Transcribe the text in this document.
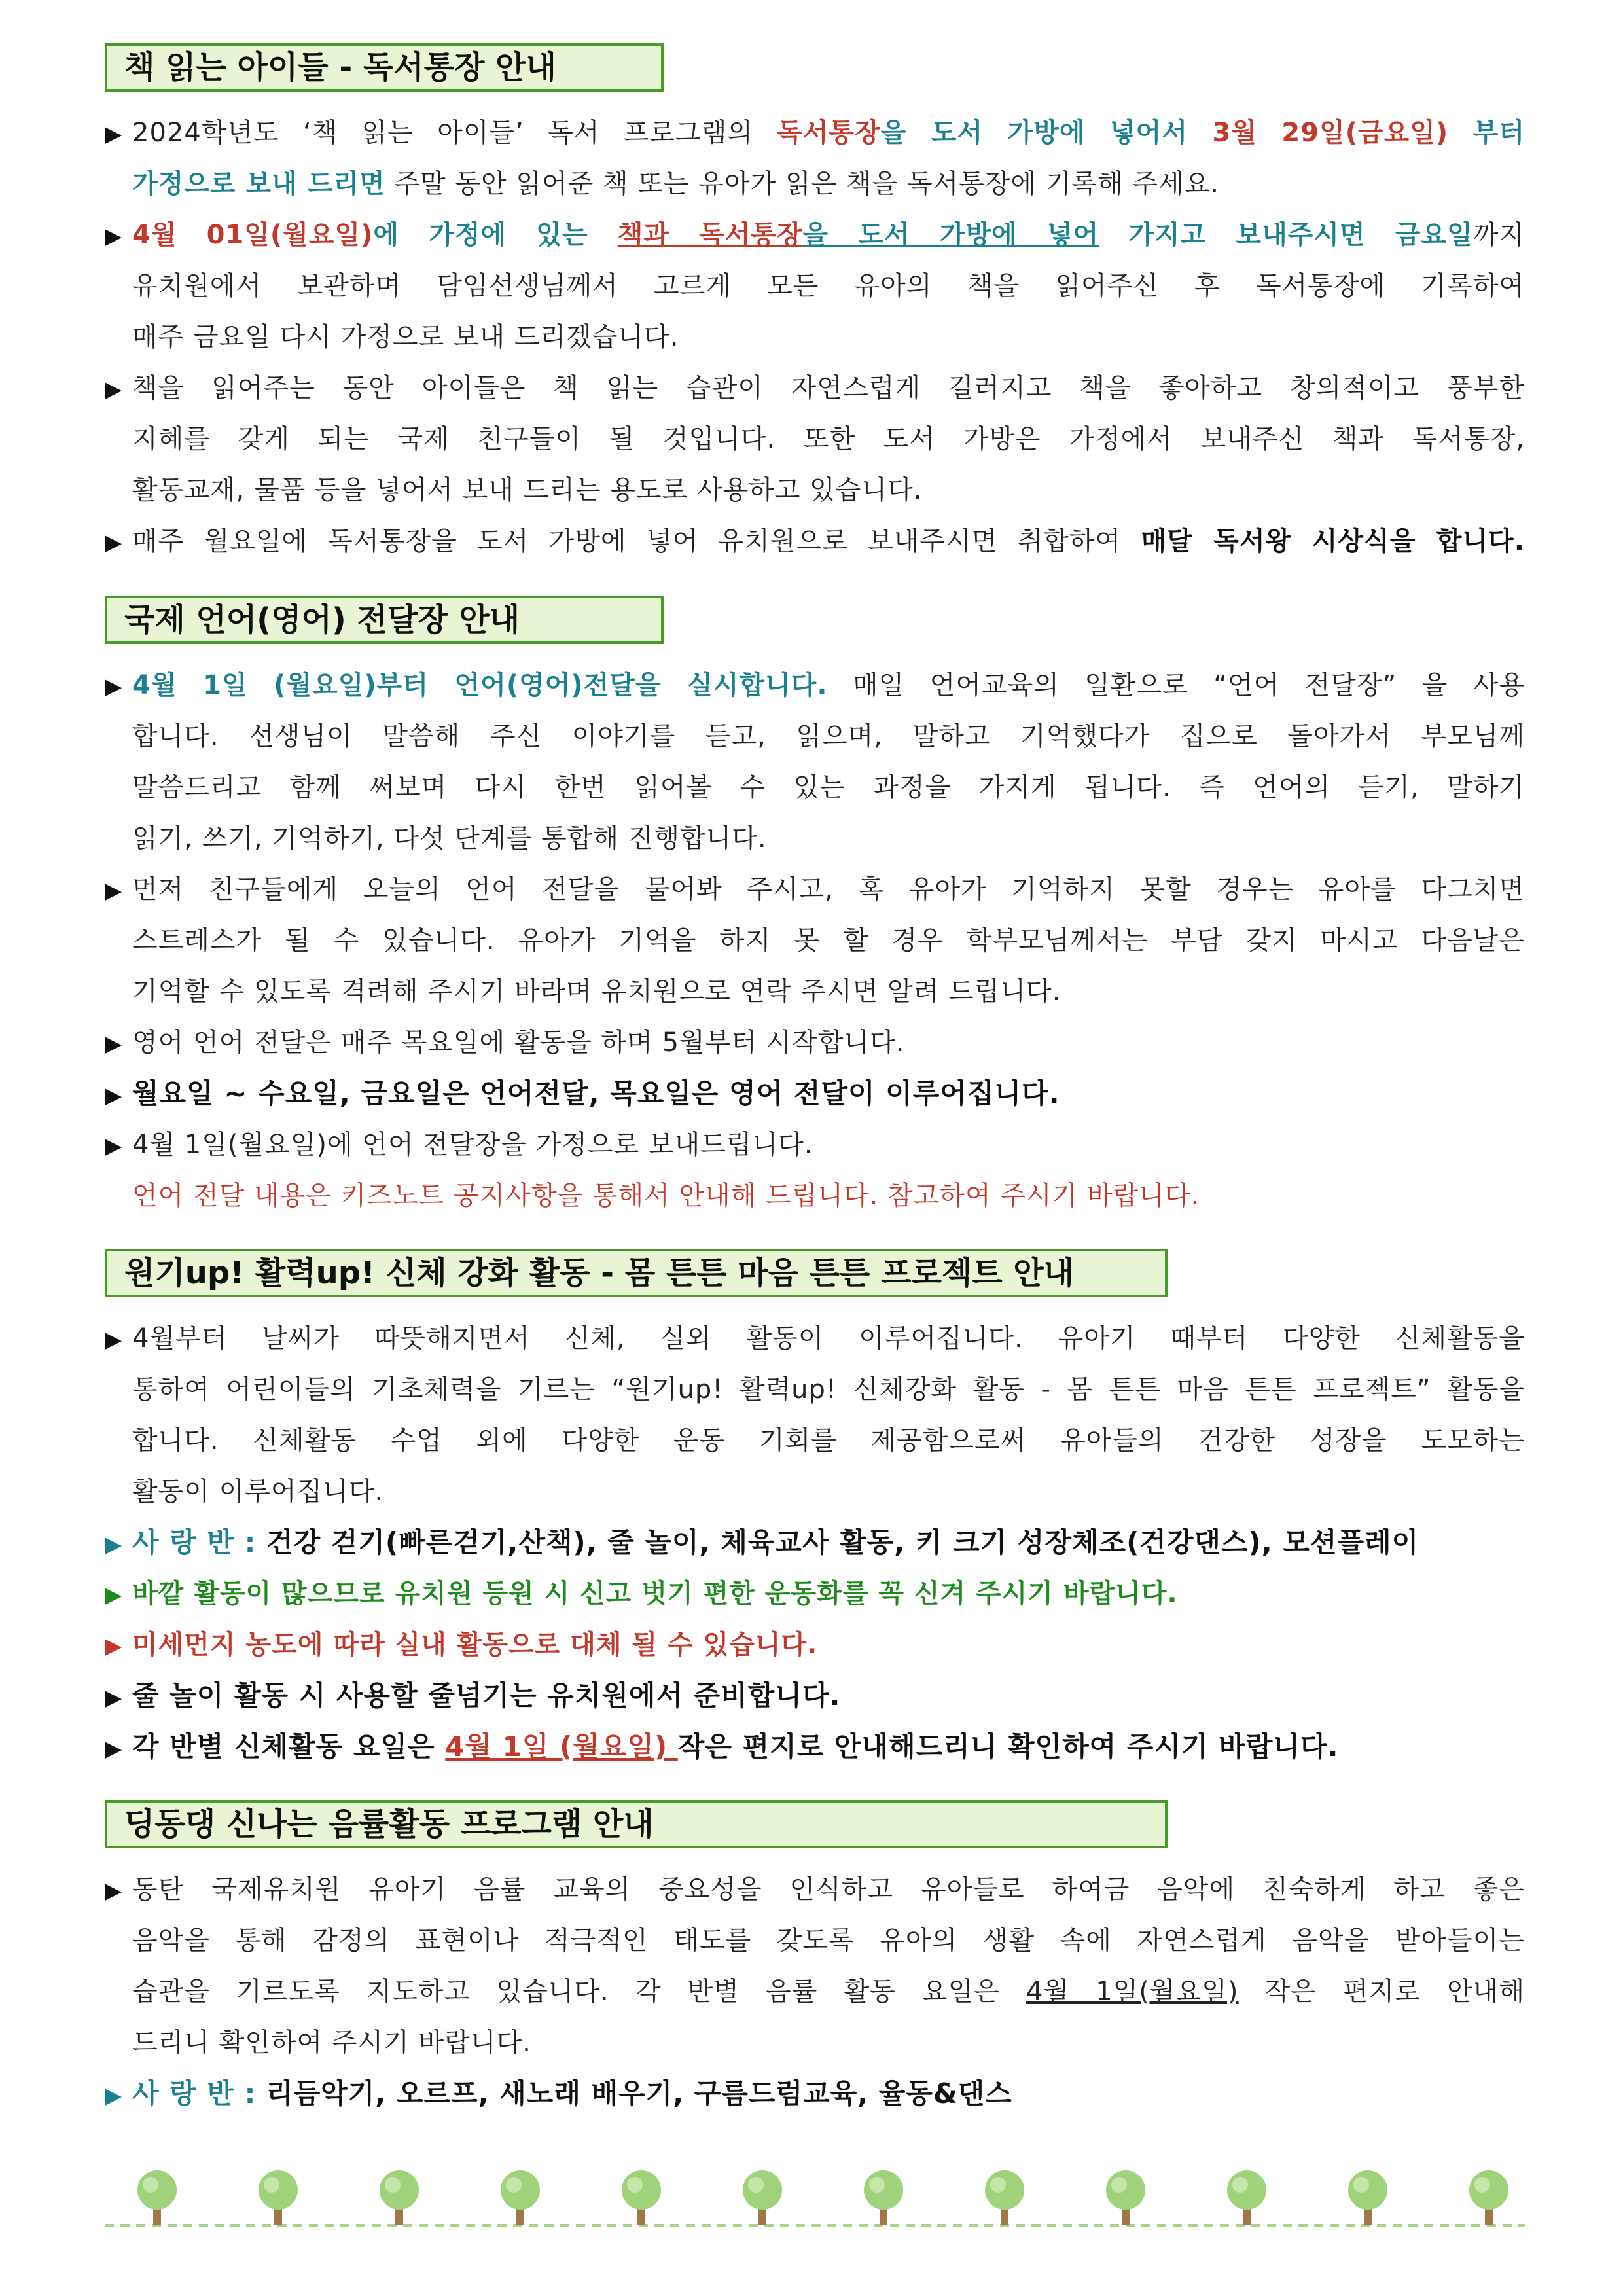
책 읽는 아이들 - 독서통장 안내
▶ 2024학년도 ‘책 읽는 아이들’ 독서 프로그램의 독서통장을 도서 가방에 넣어서 3월 29일(금요일) 부터
가정으로 보내 드리면 주말 동안 읽어준 책 또는 유아가 읽은 책을 독서통장에 기록해 주세요.
▶ 4월 01일(월요일)에 가정에 있는 책과 독서통장을 도서 가방에 넣어 가지고 보내주시면 금요일까지
유치원에서 보관하며 담임선생님께서 고르게 모든 유아의 책을 읽어주신 후 독서통장에 기록하여
매주 금요일 다시 가정으로 보내 드리겠습니다.
▶ 책을 읽어주는 동안 아이들은 책 읽는 습관이 자연스럽게 길러지고 책을 좋아하고 창의적이고 풍부한
지혜를 갖게 되는 국제 친구들이 될 것입니다. 또한 도서 가방은 가정에서 보내주신 책과 독서통장,
활동교재, 물품 등을 넣어서 보내 드리는 용도로 사용하고 있습니다.
▶ 매주 월요일에 독서통장을 도서 가방에 넣어 유치원으로 보내주시면 취합하여 매달 독서왕 시상식을 합니다.
국제 언어(영어) 전달장 안내
▶ 4월 1일 (월요일)부터 언어(영어)전달을 실시합니다. 매일 언어교육의 일환으로 “언어 전달장” 을 사용
합니다. 선생님이 말씀해 주신 이야기를 듣고, 읽으며, 말하고 기억했다가 집으로 돌아가서 부모님께
말씀드리고 함께 써보며 다시 한번 읽어볼 수 있는 과정을 가지게 됩니다. 즉 언어의 듣기, 말하기
읽기, 쓰기, 기억하기, 다섯 단계를 통합해 진행합니다.
▶ 먼저 친구들에게 오늘의 언어 전달을 물어봐 주시고, 혹 유아가 기억하지 못할 경우는 유아를 다그치면
스트레스가 될 수 있습니다. 유아가 기억을 하지 못 할 경우 학부모님께서는 부담 갖지 마시고 다음날은
기억할 수 있도록 격려해 주시기 바라며 유치원으로 연락 주시면 알려 드립니다.
▶ 영어 언어 전달은 매주 목요일에 활동을 하며 5월부터 시작합니다.
▶ 월요일 ~ 수요일, 금요일은 언어전달, 목요일은 영어 전달이 이루어집니다.
▶ 4월 1일(월요일)에 언어 전달장을 가정으로 보내드립니다.
언어 전달 내용은 키즈노트 공지사항을 통해서 안내해 드립니다. 참고하여 주시기 바랍니다.
원기up! 활력up! 신체 강화 활동 - 몸 튼튼 마음 튼튼 프로젝트 안내
▶ 4월부터 날씨가 따뜻해지면서 신체, 실외 활동이 이루어집니다. 유아기 때부터 다양한 신체활동을
통하여 어린이들의 기초체력을 기르는 “원기up! 활력up! 신체강화 활동 - 몸 튼튼 마음 튼튼 프로젝트” 활동을
합니다. 신체활동 수업 외에 다양한 운동 기회를 제공함으로써 유아들의 건강한 성장을 도모하는
활동이 이루어집니다.
▶ 사 랑 반 : 건강 걷기(빠른걷기,산책), 줄 놀이, 체육교사 활동, 키 크기 성장체조(건강댄스), 모션플레이
▶ 바깥 활동이 많으므로 유치원 등원 시 신고 벗기 편한 운동화를 꼭 신겨 주시기 바랍니다.
▶ 미세먼지 농도에 따라 실내 활동으로 대체 될 수 있습니다.
▶ 줄 놀이 활동 시 사용할 줄넘기는 유치원에서 준비합니다.
▶ 각 반별 신체활동 요일은 4월 1일 (월요일) 작은 편지로 안내해드리니 확인하여 주시기 바랍니다.
딩동댕 신나는 음률활동 프로그램 안내
▶ 동탄 국제유치원 유아기 음률 교육의 중요성을 인식하고 유아들로 하여금 음악에 친숙하게 하고 좋은
음악을 통해 감정의 표현이나 적극적인 태도를 갖도록 유아의 생활 속에 자연스럽게 음악을 받아들이는
습관을 기르도록 지도하고 있습니다. 각 반별 음률 활동 요일은 4월 1일(월요일) 작은 편지로 안내해
드리니 확인하여 주시기 바랍니다.
▶ 사 랑 반 : 리듬악기, 오르프, 새노래 배우기, 구름드럼교육, 율동&댄스
